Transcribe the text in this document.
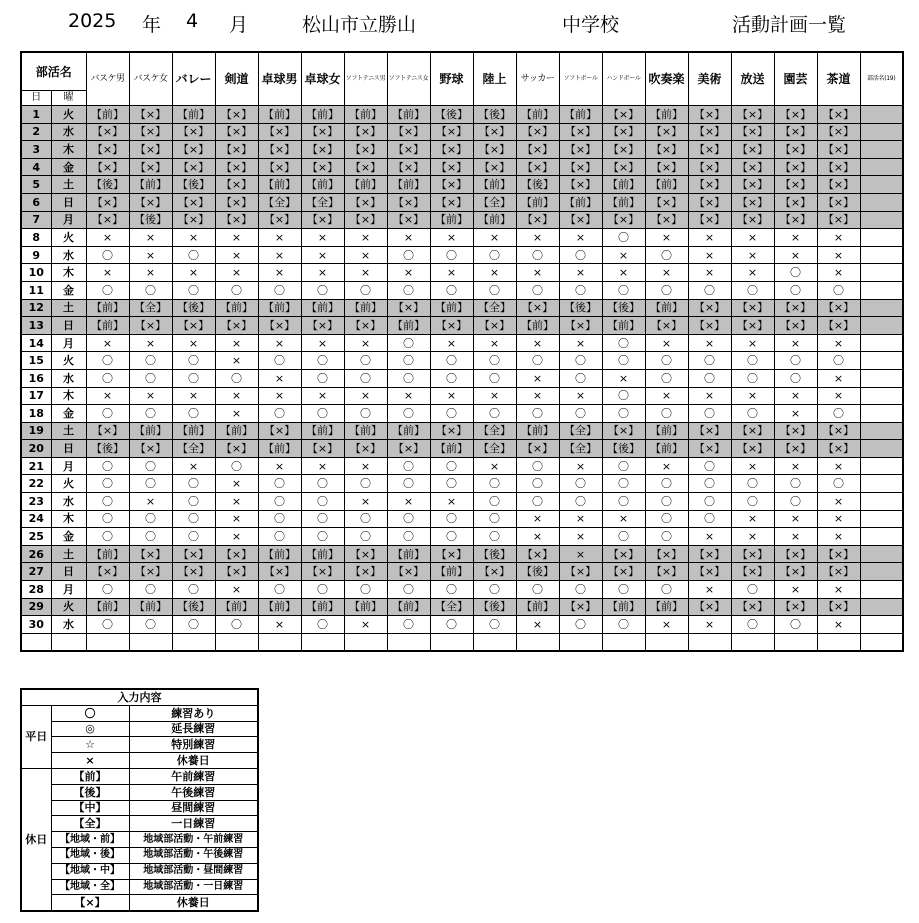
2025 年 4 月	松山市立勝山	中学校	活動計画一覧
部活名		バスケ男	バスケ女	バレー	剣道	卓球男	卓球女	ソフトテニス男	ソフトテニス女	野球	陸上	サッカー	ソフトボール	ハンドボール	吹奏楽	美術	放送	園芸	茶道	部活名(19)
日	曜																			
1	火	【前】	【×】	【前】	【×】	【前】	【前】	【前】	【前】	【後】	【後】	【前】	【前】	【×】	【前】	【×】	【×】	【×】	【×】	
2	水	【×】	【×】	【×】	【×】	【×】	【×】	【×】	【×】	【×】	【×】	【×】	【×】	【×】	【×】	【×】	【×】	【×】	【×】	
3	木	【×】	【×】	【×】	【×】	【×】	【×】	【×】	【×】	【×】	【×】	【×】	【×】	【×】	【×】	【×】	【×】	【×】	【×】	
4	金	【×】	【×】	【×】	【×】	【×】	【×】	【×】	【×】	【×】	【×】	【×】	【×】	【×】	【×】	【×】	【×】	【×】	【×】	
5	土	【後】	【前】	【後】	【×】	【前】	【前】	【前】	【前】	【×】	【前】	【後】	【×】	【前】	【前】	【×】	【×】	【×】	【×】	
6	日	【×】	【×】	【×】	【×】	【全】	【全】	【×】	【×】	【×】	【全】	【前】	【前】	【前】	【×】	【×】	【×】	【×】	【×】	
7	月	【×】	【後】	【×】	【×】	【×】	【×】	【×】	【×】	【前】	【前】	【×】	【×】	【×】	【×】	【×】	【×】	【×】	【×】	
8	火	×	×	×	×	×	×	×	×	×	×	×	×	〇	×	×	×	×	×	
9	水	〇	×	〇	×	×	×	×	〇	〇	〇	〇	〇	×	〇	×	×	×	×	
10	木	×	×	×	×	×	×	×	×	×	×	×	×	×	×	×	×	〇	×	
11	金	〇	〇	〇	〇	〇	〇	〇	〇	〇	〇	〇	〇	〇	〇	〇	〇	〇	〇	
12	土	【前】	【全】	【後】	【前】	【前】	【前】	【前】	【×】	【前】	【全】	【×】	【後】	【後】	【前】	【×】	【×】	【×】	【×】	
13	日	【前】	【×】	【×】	【×】	【×】	【×】	【×】	【前】	【×】	【×】	【前】	【×】	【前】	【×】	【×】	【×】	【×】	【×】	
14	月	×	×	×	×	×	×	×	〇	×	×	×	×	〇	×	×	×	×	×	
15	火	〇	〇	〇	×	〇	〇	〇	〇	〇	〇	〇	〇	〇	〇	〇	〇	〇	〇	
16	水	〇	〇	〇	〇	×	〇	〇	〇	〇	〇	×	〇	×	〇	〇	〇	〇	×	
17	木	×	×	×	×	×	×	×	×	×	×	×	×	〇	×	×	×	×	×	
18	金	〇	〇	〇	×	〇	〇	〇	〇	〇	〇	〇	〇	〇	〇	〇	〇	×	〇	
19	土	【×】	【前】	【前】	【前】	【×】	【前】	【前】	【前】	【×】	【全】	【前】	【全】	【×】	【前】	【×】	【×】	【×】	【×】	
20	日	【後】	【×】	【全】	【×】	【前】	【×】	【×】	【×】	【前】	【全】	【×】	【全】	【後】	【前】	【×】	【×】	【×】	【×】	
21	月	〇	〇	×	〇	×	×	×	〇	〇	×	〇	×	〇	×	〇	×	×	×	
22	火	〇	〇	〇	×	〇	〇	〇	〇	〇	〇	〇	〇	〇	〇	〇	〇	〇	〇	
23	水	〇	×	〇	×	〇	〇	×	×	×	〇	〇	〇	〇	〇	〇	〇	〇	×	
24	木	〇	〇	〇	×	〇	〇	〇	〇	〇	〇	×	×	×	〇	〇	×	×	×	
25	金	〇	〇	〇	×	〇	〇	〇	〇	〇	〇	×	×	〇	〇	×	×	×	×	
26	土	【前】	【×】	【×】	【×】	【前】	【前】	【×】	【前】	【×】	【後】	【×】	×	【×】	【×】	【×】	【×】	【×】	【×】	
27	日	【×】	【×】	【×】	【×】	【×】	【×】	【×】	【×】	【前】	【×】	【後】	【×】	【×】	【×】	【×】	【×】	【×】	【×】	
28	月	〇	〇	〇	×	〇	〇	〇	〇	〇	〇	〇	〇	〇	〇	×	〇	×	×	
29	火	【前】	【前】	【後】	【前】	【前】	【前】	【前】	【前】	【全】	【後】	【前】	【×】	【前】	【前】	【×】	【×】	【×】	【×】	
30	水	〇	〇	〇	〇	×	〇	×	〇	〇	〇	×	〇	〇	×	×	〇	〇	×	

入力内容		
平日	〇	練習あり
	◎	延長練習
	☆	特別練習
	×	休養日
休日	【前】	午前練習
	【後】	午後練習
	【中】	昼間練習
	【全】	一日練習
	【地域・前】	地域部活動・午前練習
	【地域・後】	地域部活動・午後練習
	【地域・中】	地域部活動・昼間練習
	【地域・全】	地域部活動・一日練習
	【×】	休養日
